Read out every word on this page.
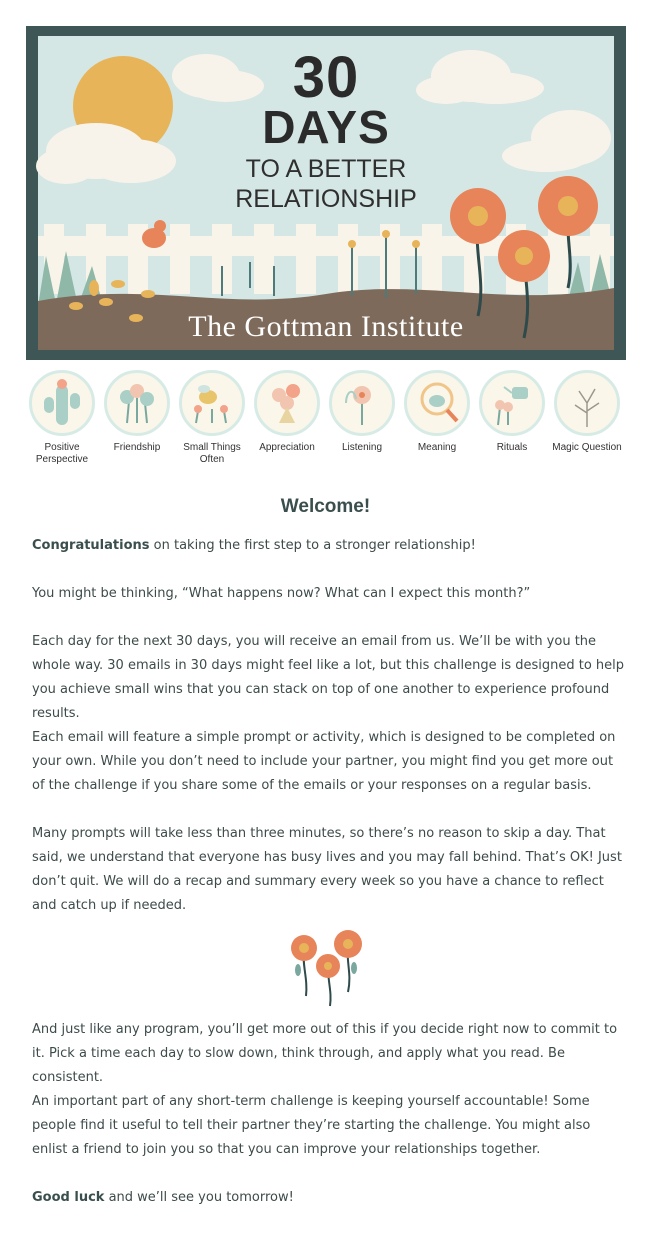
30

DAYS

TO A BETTER

RELATIONSHIP

The Gottman Institute

Positive Perspective
Friendship	Small Things Often
Appreciation	Listening	Meaning	Rituals	Magic Question
Welcome!

Congratulations on taking the first step to a stronger relationship!

You might be thinking, “What happens now? What can I expect this month?”

Each day for the next 30 days, you will receive an email from us. We’ll be with you the whole way. 30 emails in 30 days might feel like a lot, but this challenge is designed to help you achieve small wins that you can stack on top of one another to experience profound results.

Each email will feature a simple prompt or activity, which is designed to be completed on your own. While you don’t need to include your partner, you might find you get more out of the challenge if you share some of the emails or your responses on a regular basis.

Many prompts will take less than three minutes, so there’s no reason to skip a day. That said, we understand that everyone has busy lives and you may fall behind. That’s OK! Just don’t quit. We will do a recap and summary every week so you have a chance to reflect and catch up if needed.

And just like any program, you’ll get more out of this if you decide right now to commit to it. Pick a time each day to slow down, think through, and apply what you read. Be consistent.

An important part of any short-term challenge is keeping yourself accountable! Some people find it useful to tell their partner they’re starting the challenge. You might also enlist a friend to join you so that you can improve your relationships together.

Good luck and we’ll see you tomorrow!
